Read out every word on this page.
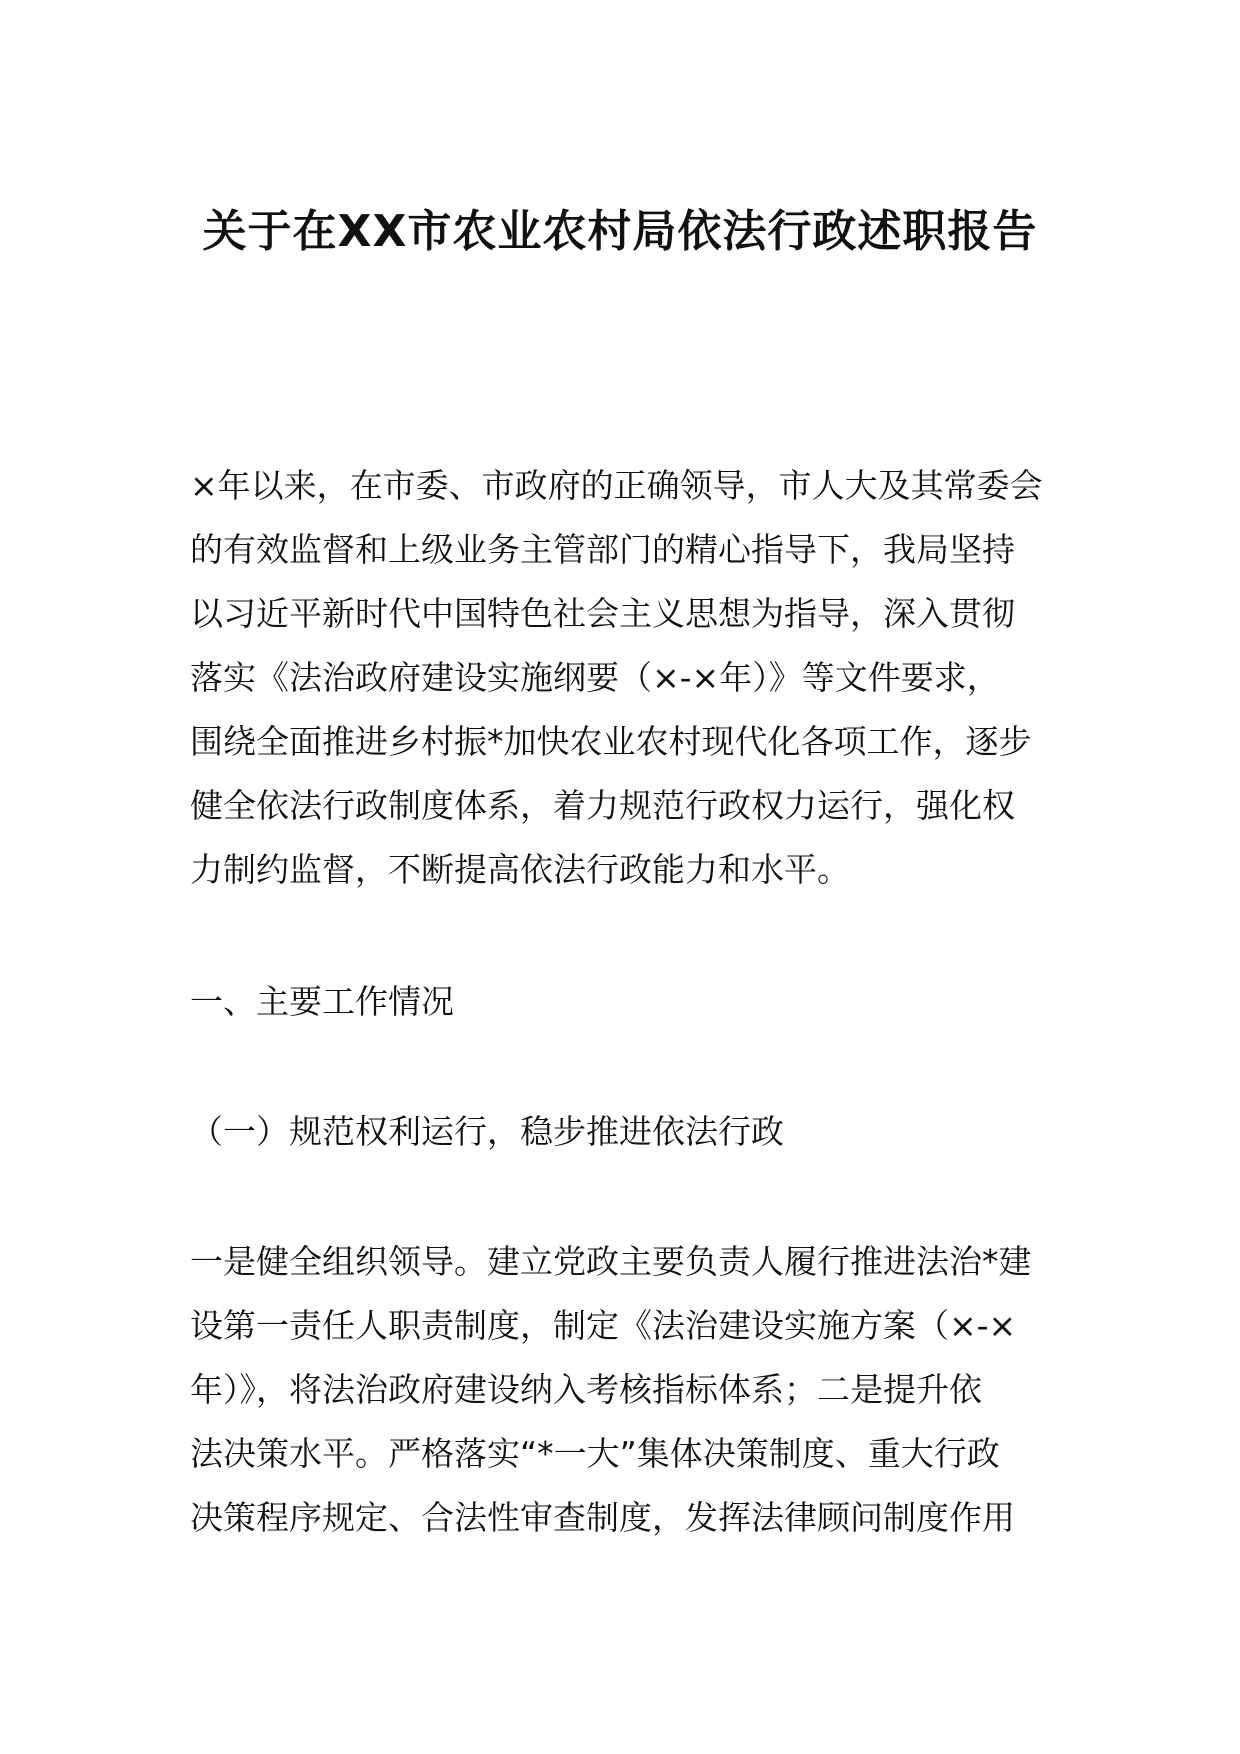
关于在XX市农业农村局依法行政述职报告
×年以来，在市委、市政府的正确领导，市人大及其常委会
的有效监督和上级业务主管部门的精心指导下，我局坚持
以习近平新时代中国特色社会主义思想为指导，深入贯彻
落实《法治政府建设实施纲要（×-×年）》等文件要求，
围绕全面推进乡村振*加快农业农村现代化各项工作，逐步
健全依法行政制度体系，着力规范行政权力运行，强化权
力制约监督，不断提高依法行政能力和水平。
一、主要工作情况
（一）规范权利运行，稳步推进依法行政
一是健全组织领导。建立党政主要负责人履行推进法治*建
设第一责任人职责制度，制定《法治建设实施方案（×-×
年）》，将法治政府建设纳入考核指标体系；二是提升依
法决策水平。严格落实“*一大”集体决策制度、重大行政
决策程序规定、合法性审查制度，发挥法律顾问制度作用
